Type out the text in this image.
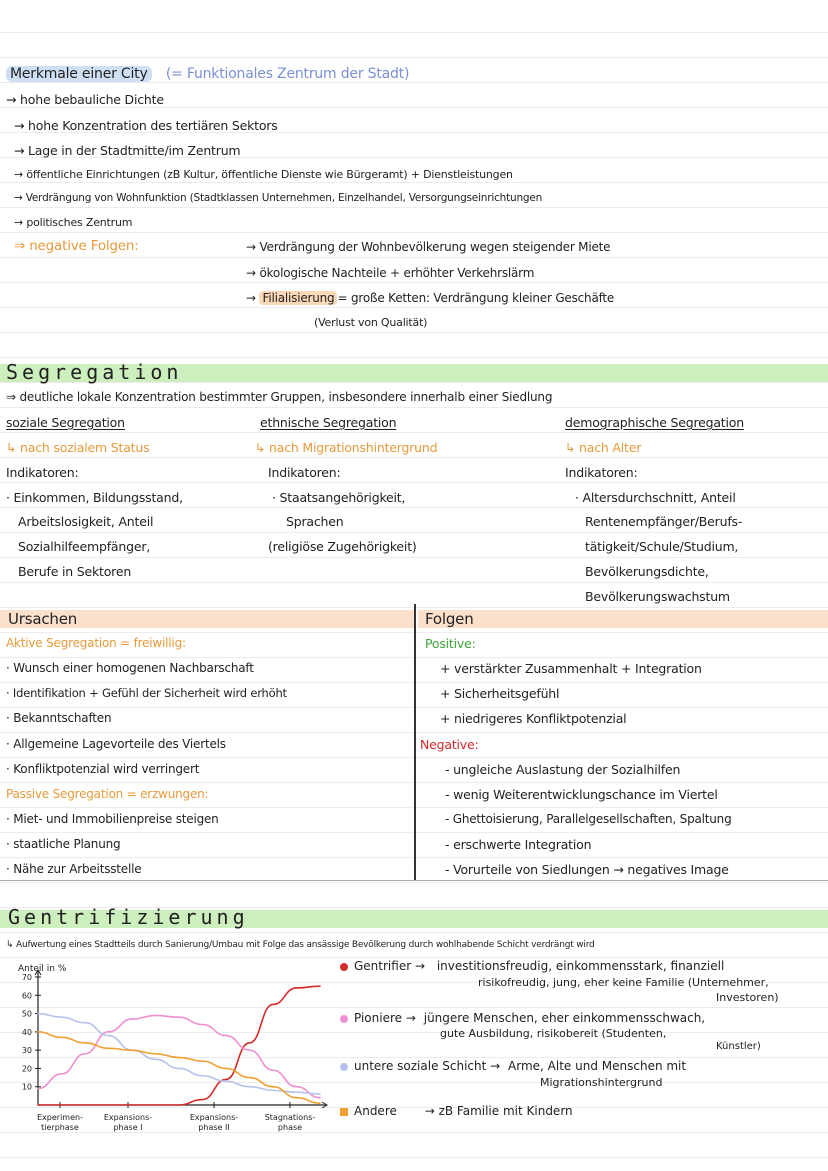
Merkmale einer City (= Funktionales Zentrum der Stadt)
→ hohe bebauliche Dichte
→ hohe Konzentration des tertiären Sektors
→ Lage in der Stadtmitte/im Zentrum
→ öffentliche Einrichtungen (zB Kultur, öffentliche Dienste wie Bürgeramt) + Dienstleistungen
→ Verdrängung von Wohnfunktion (Stadtklassen Unternehmen, Einzelhandel, Versorgungseinrichtungen
→ politisches Zentrum
⇒ negative Folgen:	→ Verdrängung der Wohnbevölkerung wegen steigender Miete
→ ökologische Nachteile + erhöhter Verkehrslärm
→ Filialisierung = große Ketten: Verdrängung kleiner Geschäfte
(Verlust von Qualität)
Segregation
⇒ deutliche lokale Konzentration bestimmter Gruppen, insbesondere innerhalb einer Siedlung
soziale Segregation
↳ nach sozialem Status
Indikatoren:
· Einkommen, Bildungsstand,
Arbeitslosigkeit, Anteil
Sozialhilfeempfänger,
Berufe in Sektoren
ethnische Segregation
↳ nach Migrationshintergrund
Indikatoren:
· Staatsangehörigkeit,
Sprachen
(religiöse Zugehörigkeit)
demographische Segregation
↳ nach Alter
Indikatoren:
· Altersdurchschnitt, Anteil
Rentenempfänger/Berufs-
tätigkeit/Schule/Studium,
Bevölkerungsdichte,
Bevölkerungswachstum
Ursachen
Aktive Segregation = freiwillig:
· Wunsch einer homogenen Nachbarschaft
· Identifikation + Gefühl der Sicherheit wird erhöht
· Bekanntschaften
· Allgemeine Lagevorteile des Viertels
· Konfliktpotenzial wird verringert
Passive Segregation = erzwungen:
· Miet- und Immobilienpreise steigen
· staatliche Planung
· Nähe zur Arbeitsstelle
Folgen
Positive:
+ verstärkter Zusammenhalt + Integration
+ Sicherheitsgefühl
+ niedrigeres Konfliktpotenzial
Negative:
- ungleiche Auslastung der Sozialhilfen
- wenig Weiterentwicklungschance im Viertel
- Ghettoisierung, Parallelgesellschaften, Spaltung
- erschwerte Integration
- Vorurteile von Siedlungen → negatives Image
Gentrifizierung
↳ Aufwertung eines Stadtteils durch Sanierung/Umbau mit Folge das ansässige Bevölkerung durch wohlhabende Schicht verdrängt wird
Anteil in %
10
20
30
40
50
60
70
Experimen-
tierphase
Expansions-
phase I
Expansions-
phase II
Stagnations-
phase
Gentrifier → investitionsfreudig, einkommensstark, finanziell
risikofreudig, jung, eher keine Familie (Unternehmer,
Investoren)
Pioniere → jüngere Menschen, eher einkommensschwach,
gute Ausbildung, risikobereit (Studenten,
Künstler)
untere soziale Schicht → Arme, Alte und Menschen mit
Migrationshintergrund
Andere → zB Familie mit Kindern
